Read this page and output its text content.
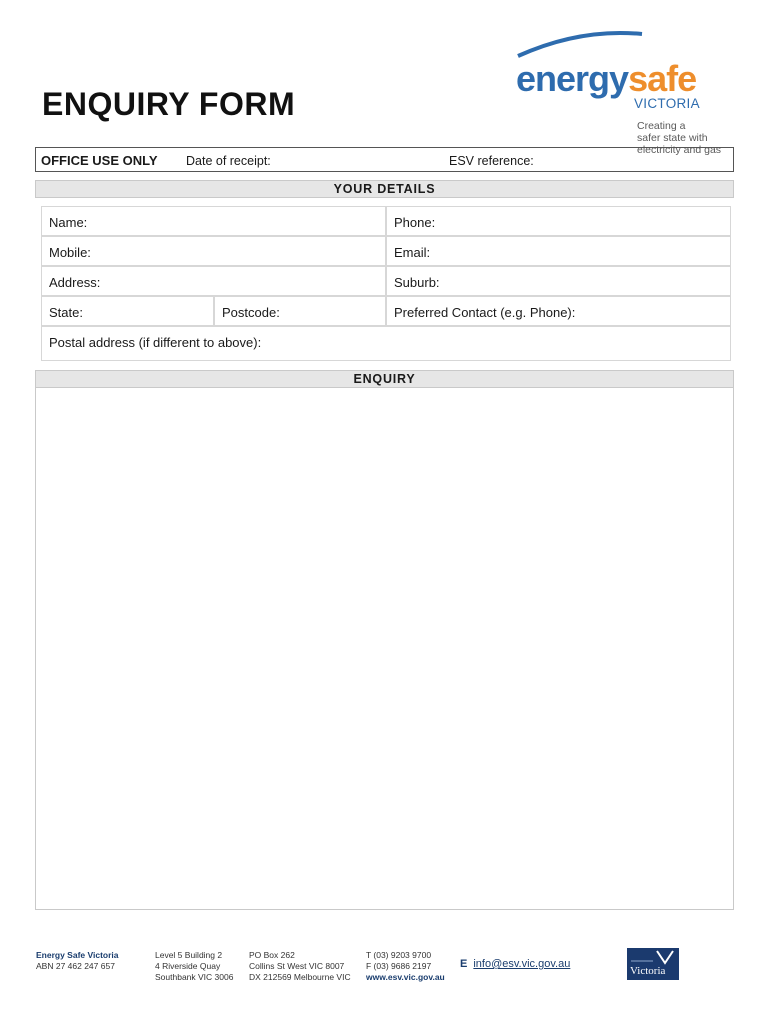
energysafe
VICTORIA
Creating a
safer state with
electricity and gas
ENQUIRY FORM
OFFICE USE ONLY Date of receipt:	ESV reference:
YOUR DETAILS
Name:	Phone:
Mobile:	Email:
Address:	Suburb:
State:	Postcode:	Preferred Contact (e.g. Phone):
Postal address (if different to above):
ENQUIRY
Energy Safe Victoria
ABN 27 462 247 657
Level 5 Building 2
4 Riverside Quay
Southbank VIC 3006
PO Box 262
Collins St West VIC 8007
DX 212569 Melbourne VIC
T (03) 9203 9700
F (03) 9686 2197
www.esv.vic.gov.au
E info@esv.vic.gov.au
Victoria
